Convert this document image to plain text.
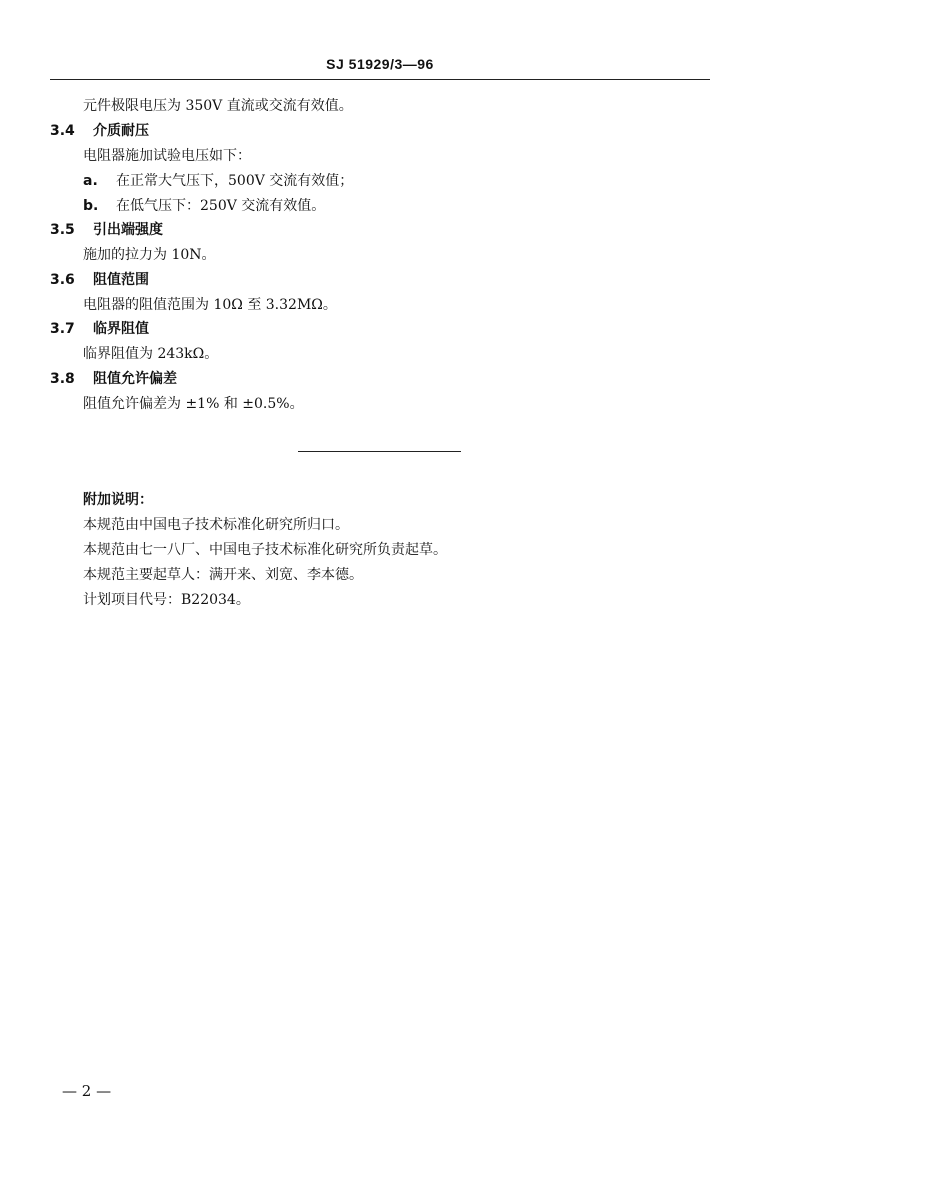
SJ 51929/3—96
元件极限电压为 350V 直流或交流有效值。
3.4 介质耐压
电阻器施加试验电压如下：
a. 在正常大气压下，500V 交流有效值；
b. 在低气压下：250V 交流有效值。
3.5 引出端强度
施加的拉力为 10N。
3.6 阻值范围
电阻器的阻值范围为 10Ω 至 3.32MΩ。
3.7 临界阻值
临界阻值为 243kΩ。
3.8 阻值允许偏差
阻值允许偏差为 ±1% 和 ±0.5%。
附加说明：
本规范由中国电子技术标准化研究所归口。
本规范由七一八厂、中国电子技术标准化研究所负责起草。
本规范主要起草人：满开来、刘宽、李本德。
计划项目代号：B22034。
— 2 —
